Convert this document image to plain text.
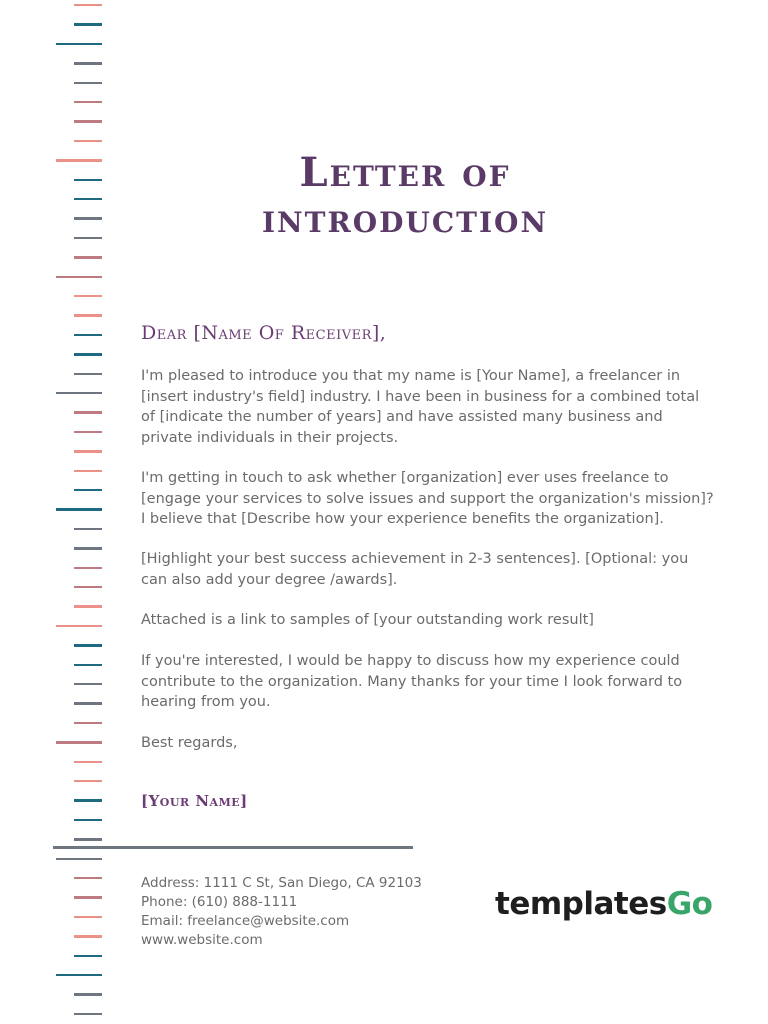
Letter of
introduction
Dear [Name Of Receiver],
I'm pleased to introduce you that my name is [Your Name], a freelancer in [insert industry's field] industry. I have been in business for a combined total of [indicate the number of years] and have assisted many business and private individuals in their projects.
I'm getting in touch to ask whether [organization] ever uses freelance to [engage your services to solve issues and support the organization's mission]? I believe that [Describe how your experience benefits the organization].
[Highlight your best success achievement in 2-3 sentences]. [Optional: you can also add your degree /awards].
Attached is a link to samples of [your outstanding work result]
If you're interested, I would be happy to discuss how my experience could contribute to the organization. Many thanks for your time I look forward to hearing from you.
Best regards,
[Your Name]
Address: 1111 C St, San Diego, CA 92103
Phone: (610) 888-1111
Email: freelance@website.com
www.website.com
templatesGo
